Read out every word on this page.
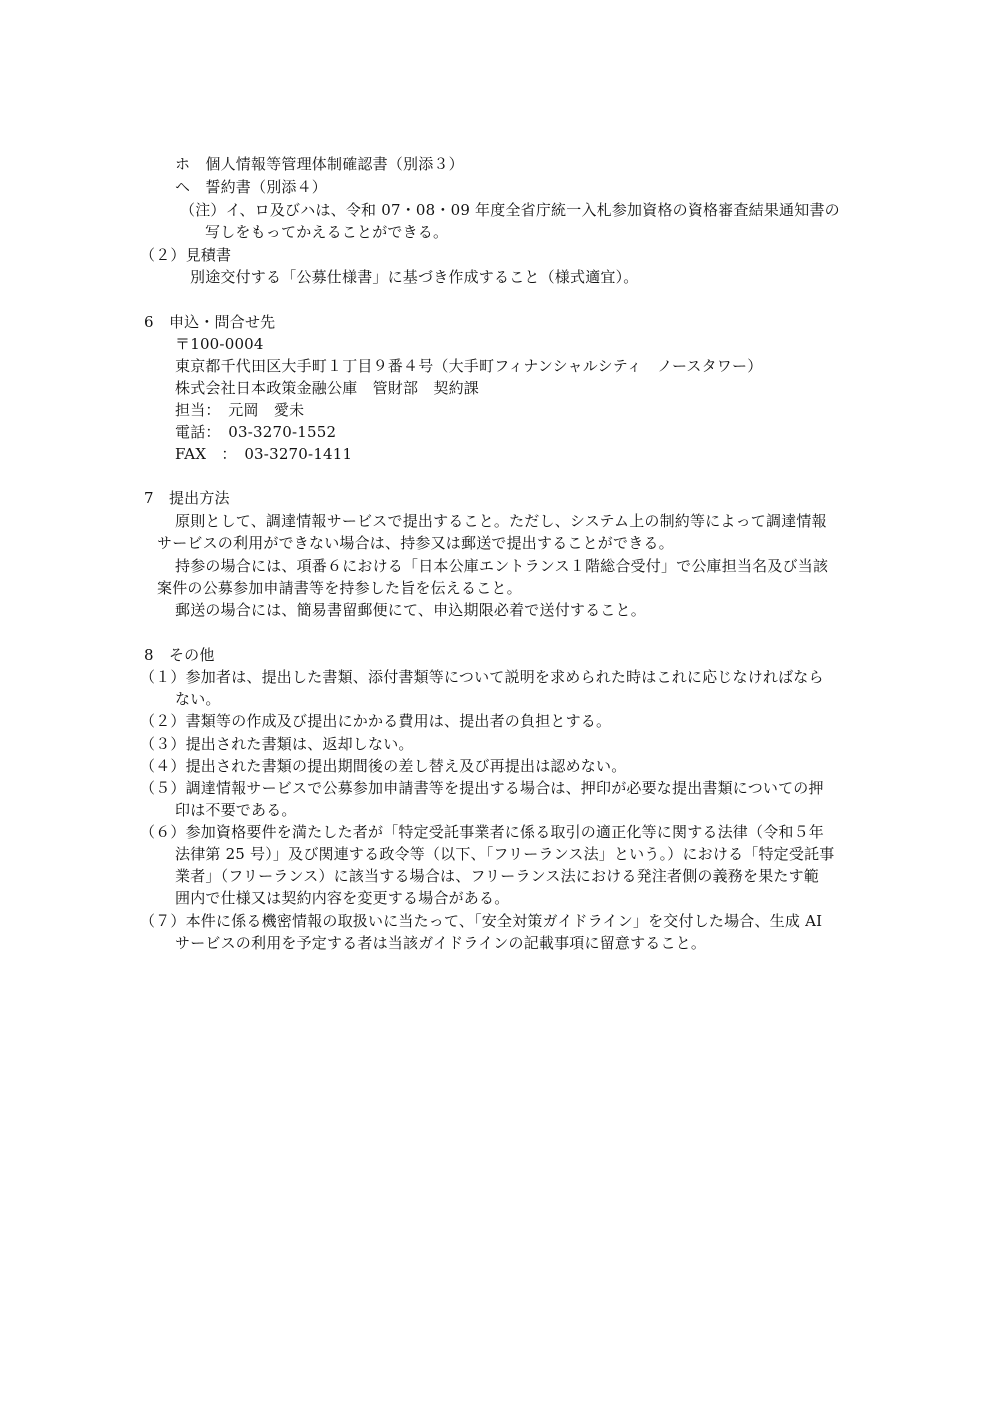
ホ　個人情報等管理体制確認書（別添３）
ヘ　誓約書（別添４）
（注）イ、ロ及びハは、令和 07・08・09 年度全省庁統一入札参加資格の資格審査結果通知書の
写しをもってかえることができる。
（２）見積書
別途交付する「公募仕様書」に基づき作成すること（様式適宜）。
6　申込・問合せ先
〒100-0004
東京都千代田区大手町１丁目９番４号（大手町フィナンシャルシティ　ノースタワー）
株式会社日本政策金融公庫　管財部　契約課
担当：　元岡　愛未
電話：　03-3270-1552
FAX　：　03-3270-1411
7　提出方法
原則として、調達情報サービスで提出すること。ただし、システム上の制約等によって調達情報
サービスの利用ができない場合は、持参又は郵送で提出することができる。
持参の場合には、項番６における「日本公庫エントランス１階総合受付」で公庫担当名及び当該
案件の公募参加申請書等を持参した旨を伝えること。
郵送の場合には、簡易書留郵便にて、申込期限必着で送付すること。
8　その他
（１）参加者は、提出した書類、添付書類等について説明を求められた時はこれに応じなければなら
ない。
（２）書類等の作成及び提出にかかる費用は、提出者の負担とする。
（３）提出された書類は、返却しない。
（４）提出された書類の提出期間後の差し替え及び再提出は認めない。
（５）調達情報サービスで公募参加申請書等を提出する場合は、押印が必要な提出書類についての押
印は不要である。
（６）参加資格要件を満たした者が「特定受託事業者に係る取引の適正化等に関する法律（令和５年
法律第 25 号）」及び関連する政令等（以下、「フリーランス法」という。）における「特定受託事
業者」（フリーランス）に該当する場合は、フリーランス法における発注者側の義務を果たす範
囲内で仕様又は契約内容を変更する場合がある。
（７）本件に係る機密情報の取扱いに当たって、「安全対策ガイドライン」を交付した場合、生成 AI
サービスの利用を予定する者は当該ガイドラインの記載事項に留意すること。
